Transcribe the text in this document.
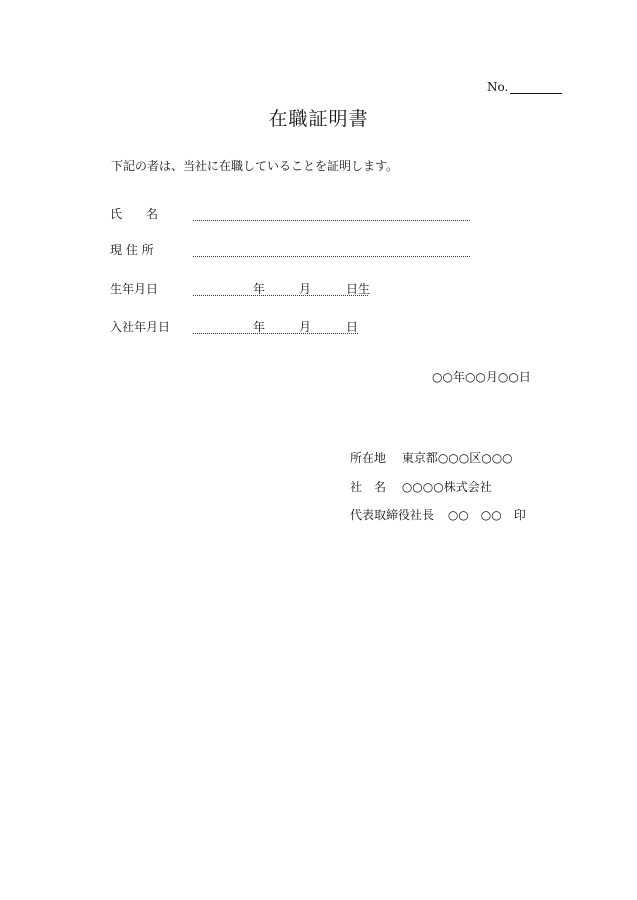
No.
在職証明書
下記の者は、当社に在職していることを証明します。
氏　　名
現 住 所
生年月日	年	月	日生
入社年月日	年	月	日
○○年○○月○○日
所在地 東京都○○○区○○○
社　名 ○○○○株式会社
代表取締役社長 ○○　○○　印
